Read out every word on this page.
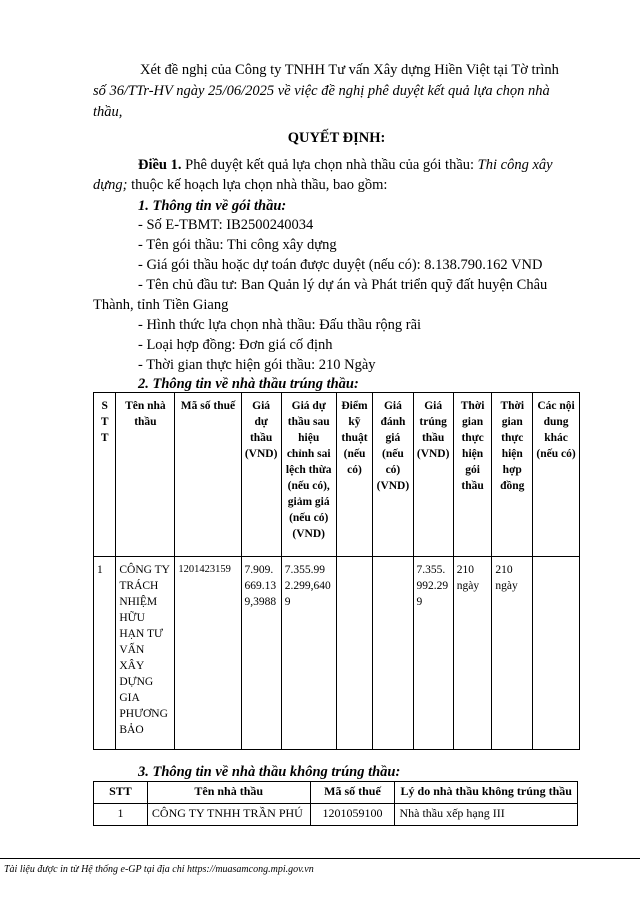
Xét đề nghị của Công ty TNHH Tư vấn Xây dựng Hiền Việt tại Tờ trình
số 36/TTr-HV ngày 25/06/2025 về việc đề nghị phê duyệt kết quả lựa chọn nhà
thầu,
QUYẾT ĐỊNH:
Điều 1. Phê duyệt kết quả lựa chọn nhà thầu của gói thầu: Thi công xây
dựng; thuộc kế hoạch lựa chọn nhà thầu, bao gồm:
1. Thông tin về gói thầu:
- Số E-TBMT: IB2500240034
- Tên gói thầu: Thi công xây dựng
- Giá gói thầu hoặc dự toán được duyệt (nếu có): 8.138.790.162 VND
- Tên chủ đầu tư: Ban Quản lý dự án và Phát triển quỹ đất huyện Châu
Thành, tỉnh Tiền Giang
- Hình thức lựa chọn nhà thầu: Đấu thầu rộng rãi
- Loại hợp đồng: Đơn giá cố định
- Thời gian thực hiện gói thầu: 210 Ngày
2. Thông tin về nhà thầu trúng thầu:
STT	Tên nhà thầu	Mã số thuế	Giá dự thầu (VND)	Giá dự thầu sau hiệu chỉnh sai lệch thừa (nếu có), giảm giá (nếu có) (VND)	Điểm kỹ thuật (nếu có)	Giá đánh giá (nếu có) (VND)	Giá trúng thầu (VND)	Thời gian thực hiện gói thầu	Thời gian thực hiện hợp đồng	Các nội dung khác (nếu có)
1	CÔNG TY TRÁCH NHIỆM HỮU HẠN TƯ VẤN XÂY DỰNG GIA PHƯƠNG BẢO	1201423159	7.909.669.139,3988	7.355.992.299,6409			7.355.992.299	210 ngày	210 ngày	
3. Thông tin về nhà thầu không trúng thầu:
STT	Tên nhà thầu	Mã số thuế	Lý do nhà thầu không trúng thầu
1	CÔNG TY TNHH TRẦN PHÚ	1201059100	Nhà thầu xếp hạng III
Tài liệu được in từ Hệ thống e-GP tại địa chỉ https://muasamcong.mpi.gov.vn
